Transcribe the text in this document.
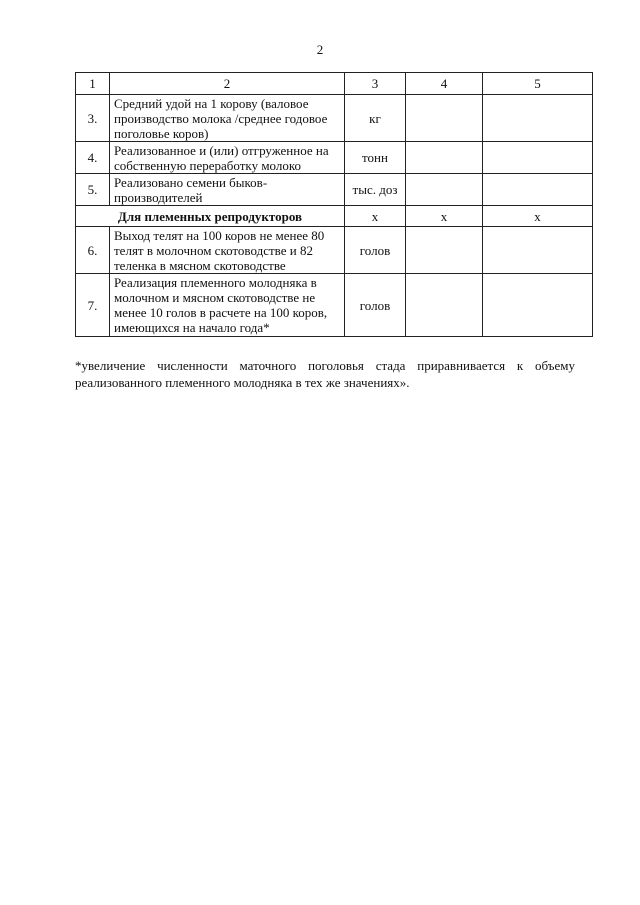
2
1	2	3	4	5
3.	Средний удой на 1 корову (валовое производство молока /среднее годовое поголовье коров)	кг		
4.	Реализованное и (или) отгруженное на собственную переработку молоко	тонн		
5.	Реализовано семени быков-производителей	тыс. доз		
Для племенных репродукторов		х	х	х
6.	Выход телят на 100 коров не менее 80 телят в молочном скотоводстве и 82 теленка в мясном скотоводстве	голов		
7.	Реализация племенного молодняка в молочном и мясном скотоводстве не менее 10 голов в расчете на 100 коров, имеющихся на начало года*	голов		
*увеличение численности маточного поголовья стада приравнивается к объему реализованного племенного молодняка в тех же значениях».
